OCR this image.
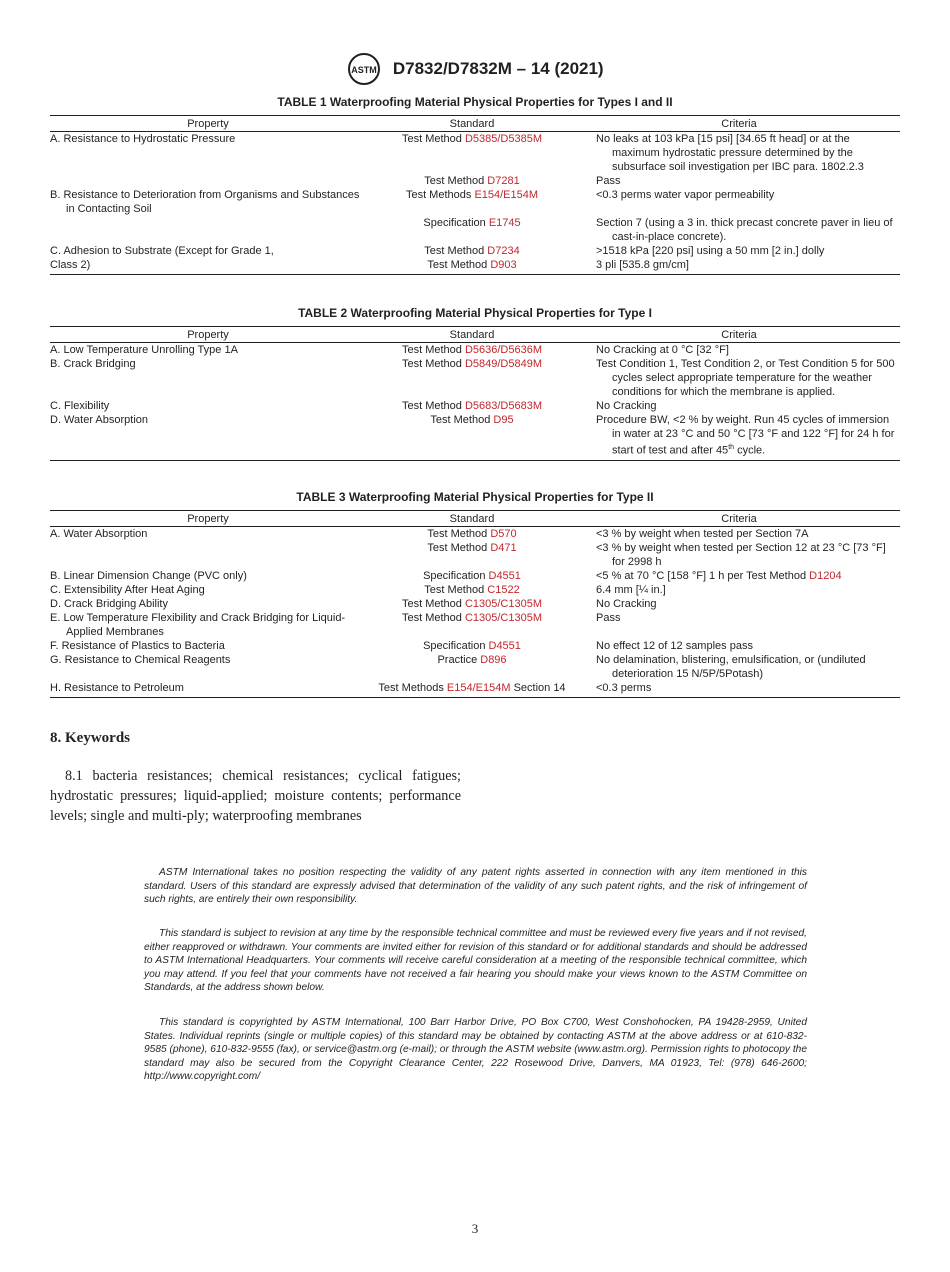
ASTM D7832/D7832M – 14 (2021)
TABLE 1 Waterproofing Material Physical Properties for Types I and II
Property	Standard	Criteria
A. Resistance to Hydrostatic Pressure	Test Method D5385/D5385M	No leaks at 103 kPa [15 psi] [34.65 ft head] or at the maximum hydrostatic pressure determined by the subsurface soil investigation per IBC para. 1802.2.3
	Test Method D7281	Pass
B. Resistance to Deterioration from Organisms and Substances in Contacting Soil	Test Methods E154/E154M	<0.3 perms water vapor permeability
	Specification E1745	Section 7 (using a 3 in. thick precast concrete paver in lieu of cast-in-place concrete).
C. Adhesion to Substrate (Except for Grade 1,	Test Method D7234	>1518 kPa [220 psi] using a 50 mm [2 in.] dolly
Class 2)	Test Method D903	3 pli [535.8 gm/cm]
TABLE 2 Waterproofing Material Physical Properties for Type I
Property	Standard	Criteria
A. Low Temperature Unrolling Type 1A	Test Method D5636/D5636M	No Cracking at 0 °C [32 °F]
B. Crack Bridging	Test Method D5849/D5849M	Test Condition 1, Test Condition 2, or Test Condition 5 for 500 cycles select appropriate temperature for the weather conditions for which the membrane is applied.
C. Flexibility	Test Method D5683/D5683M	No Cracking
D. Water Absorption	Test Method D95	Procedure BW, <2 % by weight. Run 45 cycles of immersion in water at 23 °C and 50 °C [73 °F and 122 °F] for 24 h for start of test and after 45th cycle.
TABLE 3 Waterproofing Material Physical Properties for Type II
Property	Standard	Criteria
A. Water Absorption	Test Method D570	<3 % by weight when tested per Section 7A
	Test Method D471	<3 % by weight when tested per Section 12 at 23 °C [73 °F] for 2998 h
B. Linear Dimension Change (PVC only)	Specification D4551	<5 % at 70 °C [158 °F] 1 h per Test Method D1204
C. Extensibility After Heat Aging	Test Method C1522	6.4 mm [¼ in.]
D. Crack Bridging Ability	Test Method C1305/C1305M	No Cracking
E. Low Temperature Flexibility and Crack Bridging for Liquid-Applied Membranes	Test Method C1305/C1305M	Pass
F. Resistance of Plastics to Bacteria	Specification D4551	No effect 12 of 12 samples pass
G. Resistance to Chemical Reagents	Practice D896	No delamination, blistering, emulsification, or (undiluted deterioration 15 N/5P/5Potash)
H. Resistance to Petroleum	Test Methods E154/E154M Section 14	<0.3 perms
8. Keywords
8.1 bacteria resistances; chemical resistances; cyclical fatigues; hydrostatic pressures; liquid-applied; moisture contents; performance levels; single and multi-ply; waterproofing membranes

ASTM International takes no position respecting the validity of any patent rights asserted in connection with any item mentioned in this standard. Users of this standard are expressly advised that determination of the validity of any such patent rights, and the risk of infringement of such rights, are entirely their own responsibility.

This standard is subject to revision at any time by the responsible technical committee and must be reviewed every five years and if not revised, either reapproved or withdrawn. Your comments are invited either for revision of this standard or for additional standards and should be addressed to ASTM International Headquarters. Your comments will receive careful consideration at a meeting of the responsible technical committee, which you may attend. If you feel that your comments have not received a fair hearing you should make your views known to the ASTM Committee on Standards, at the address shown below.

This standard is copyrighted by ASTM International, 100 Barr Harbor Drive, PO Box C700, West Conshohocken, PA 19428-2959, United States. Individual reprints (single or multiple copies) of this standard may be obtained by contacting ASTM at the above address or at 610-832-9585 (phone), 610-832-9555 (fax), or service@astm.org (e-mail); or through the ASTM website (www.astm.org). Permission rights to photocopy the standard may also be secured from the Copyright Clearance Center, 222 Rosewood Drive, Danvers, MA 01923, Tel: (978) 646-2600; http://www.copyright.com/

3
